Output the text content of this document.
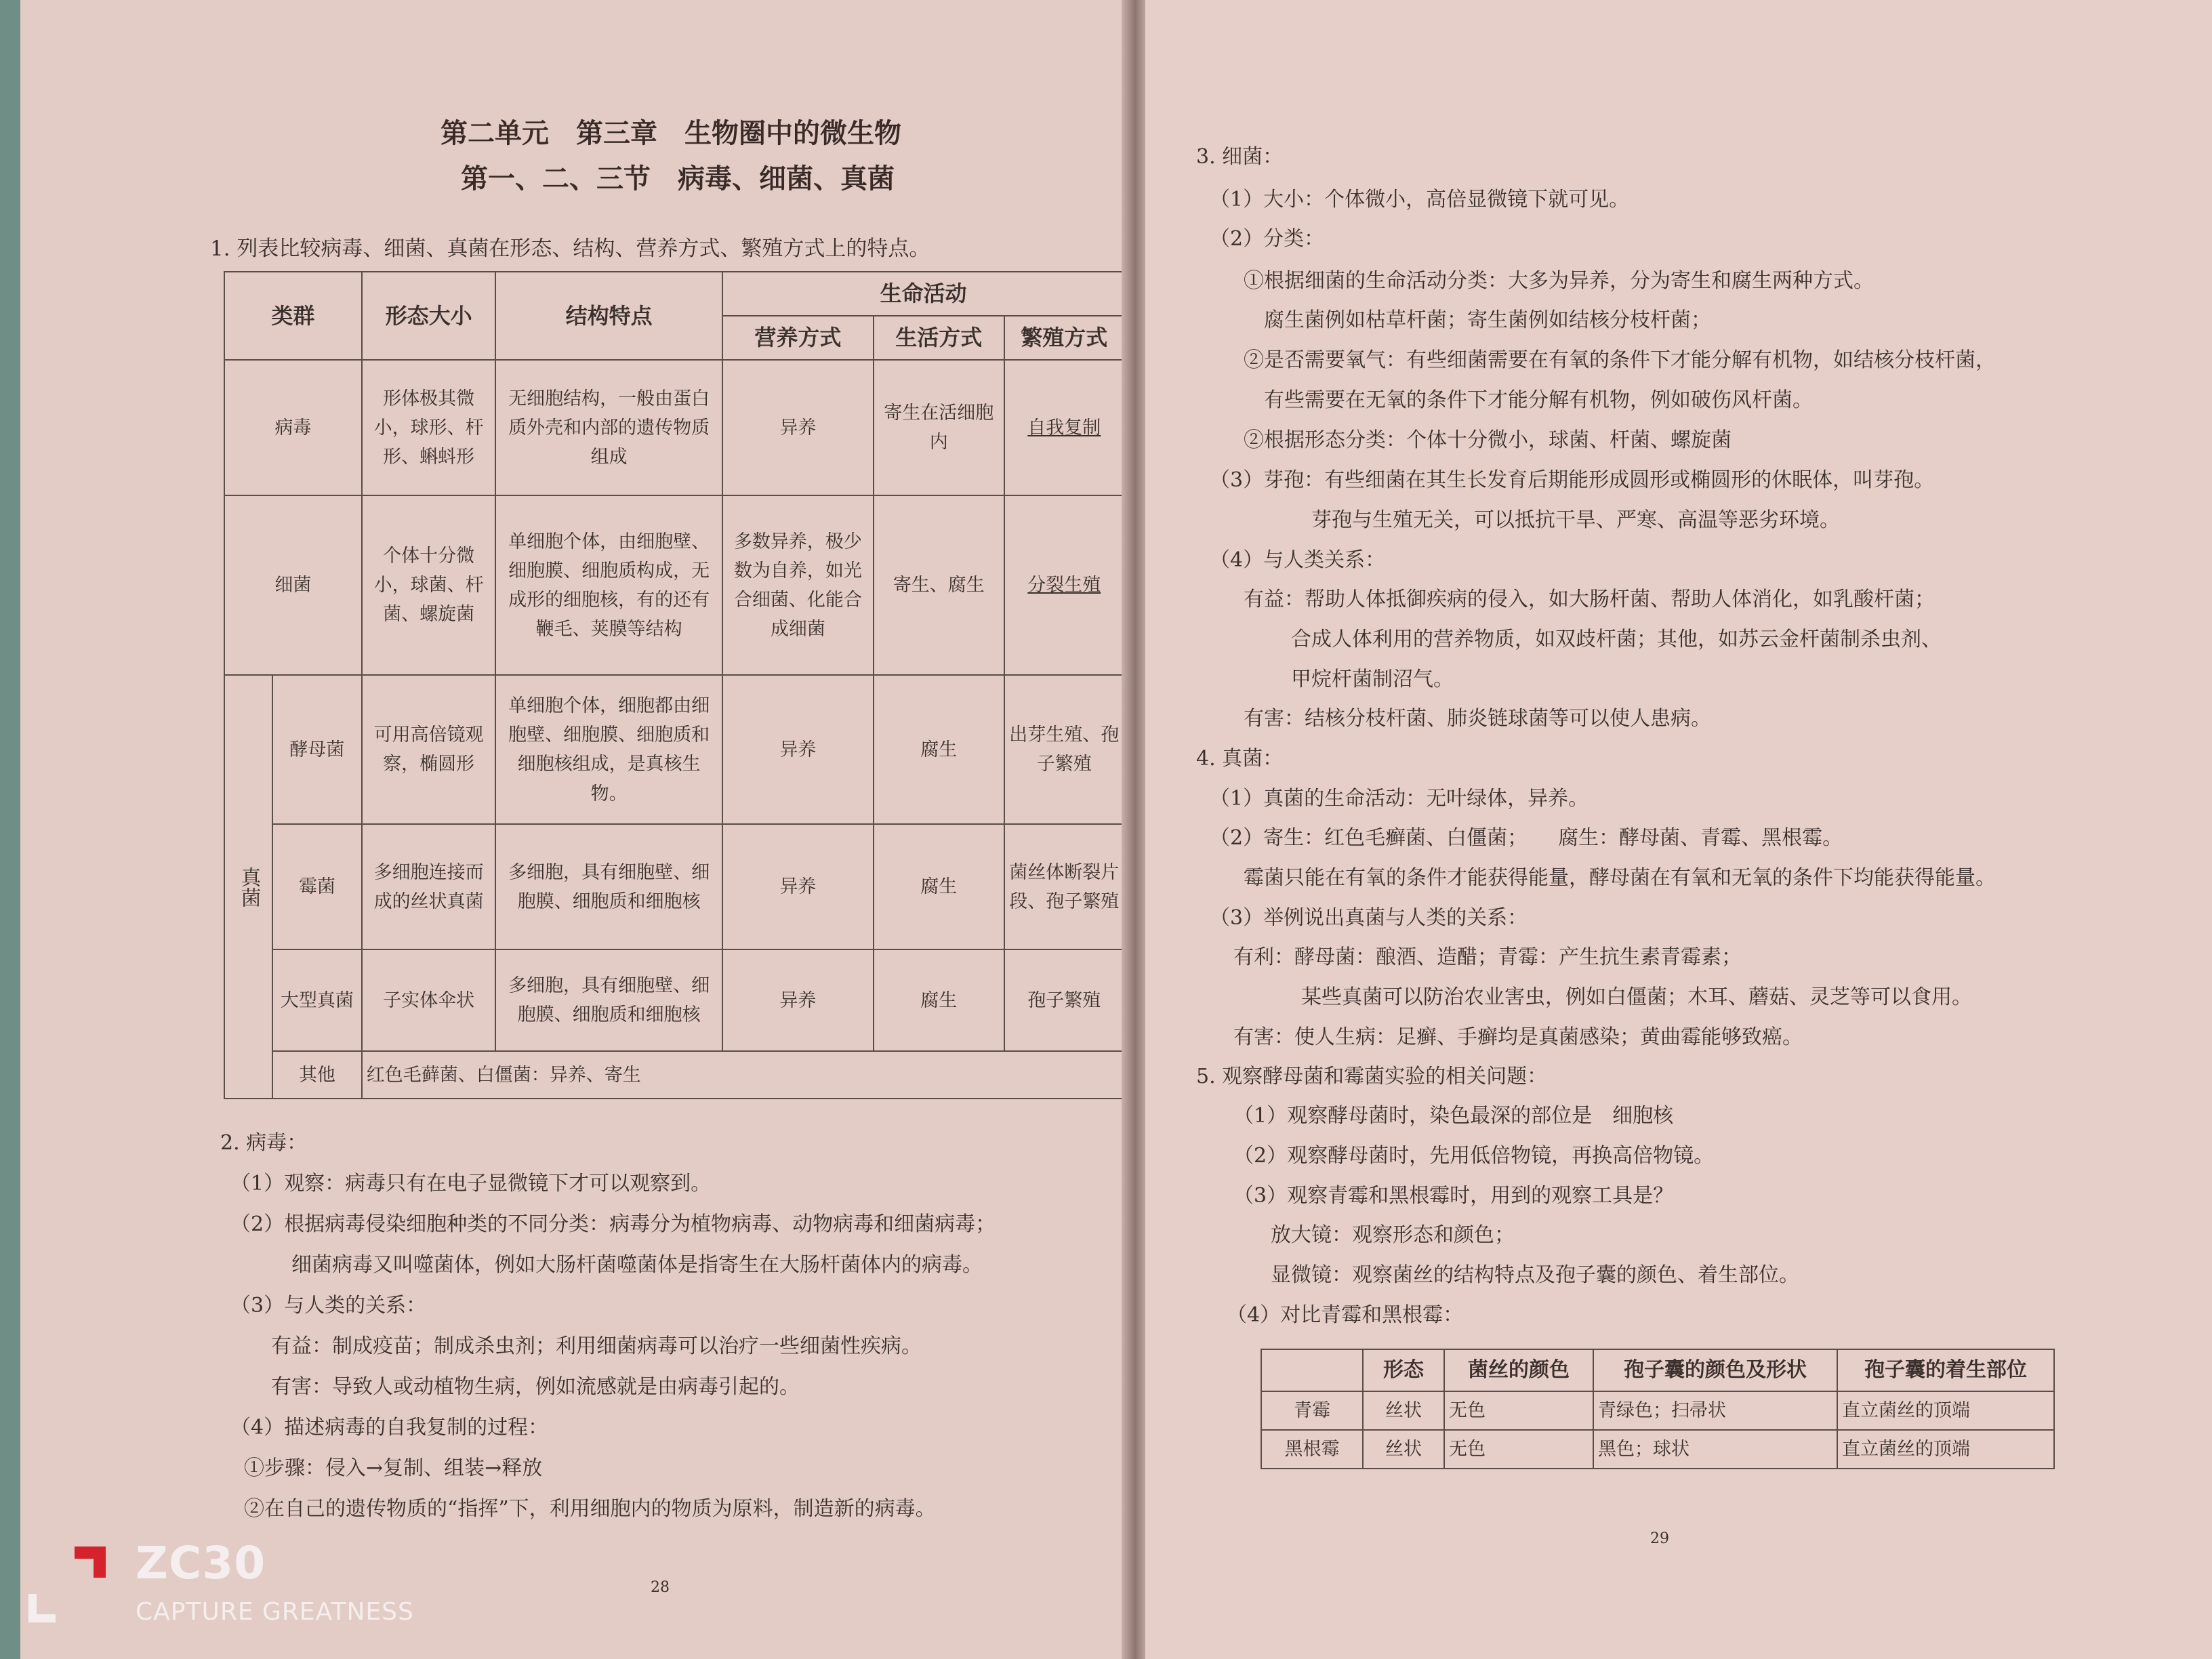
第二单元　第三章　生物圈中的微生物
第一、二、三节　病毒、细菌、真菌
1. 列表比较病毒、细菌、真菌在形态、结构、营养方式、繁殖方式上的特点。
类群		形态大小	结构特点	生命活动		
				营养方式	生活方式	繁殖方式
病毒		形体极其微小，球形、杆形、蝌蚪形	无细胞结构，一般由蛋白质外壳和内部的遗传物质组成	异养	寄生在活细胞内	自我复制
细菌		个体十分微小，球菌、杆菌、螺旋菌	单细胞个体，由细胞壁、细胞膜、细胞质构成，无成形的细胞核，有的还有鞭毛、荚膜等结构	多数异养，极少数为自养，如光合细菌、化能合成细菌	寄生、腐生	分裂生殖
真菌	酵母菌	可用高倍镜观察，椭圆形	单细胞个体，细胞都由细胞壁、细胞膜、细胞质和细胞核组成，是真核生物。	异养	腐生	出芽生殖、孢子繁殖
	霉菌	多细胞连接而成的丝状真菌	多细胞，具有细胞壁、细胞膜、细胞质和细胞核	异养	腐生	菌丝体断裂片段、孢子繁殖
	大型真菌	子实体伞状	多细胞，具有细胞壁、细胞膜、细胞质和细胞核	异养	腐生	孢子繁殖
	其他	红色毛藓菌、白僵菌：异养、寄生				
2. 病毒：
（1）观察：病毒只有在电子显微镜下才可以观察到。
（2）根据病毒侵染细胞种类的不同分类：病毒分为植物病毒、动物病毒和细菌病毒；
细菌病毒又叫噬菌体，例如大肠杆菌噬菌体是指寄生在大肠杆菌体内的病毒。
（3）与人类的关系：
有益：制成疫苗；制成杀虫剂；利用细菌病毒可以治疗一些细菌性疾病。
有害：导致人或动植物生病，例如流感就是由病毒引起的。
（4）描述病毒的自我复制的过程：
①步骤：侵入→复制、组装→释放
②在自己的遗传物质的“指挥”下，利用细胞内的物质为原料，制造新的病毒。
28
3. 细菌：
（1）大小：个体微小，高倍显微镜下就可见。
（2）分类：
①根据细菌的生命活动分类：大多为异养，分为寄生和腐生两种方式。
腐生菌例如枯草杆菌；寄生菌例如结核分枝杆菌；
②是否需要氧气：有些细菌需要在有氧的条件下才能分解有机物，如结核分枝杆菌，
有些需要在无氧的条件下才能分解有机物，例如破伤风杆菌。
②根据形态分类：个体十分微小，球菌、杆菌、螺旋菌
（3）芽孢：有些细菌在其生长发育后期能形成圆形或椭圆形的休眠体，叫芽孢。
芽孢与生殖无关，可以抵抗干旱、严寒、高温等恶劣环境。
（4）与人类关系：
有益：帮助人体抵御疾病的侵入，如大肠杆菌、帮助人体消化，如乳酸杆菌；
合成人体利用的营养物质，如双歧杆菌；其他，如苏云金杆菌制杀虫剂、
甲烷杆菌制沼气。
有害：结核分枝杆菌、肺炎链球菌等可以使人患病。
4. 真菌：
（1）真菌的生命活动：无叶绿体，异养。
（2）寄生：红色毛癣菌、白僵菌；　　腐生：酵母菌、青霉、黑根霉。
霉菌只能在有氧的条件才能获得能量，酵母菌在有氧和无氧的条件下均能获得能量。
（3）举例说出真菌与人类的关系：
有利：酵母菌：酿酒、造醋；青霉：产生抗生素青霉素；
某些真菌可以防治农业害虫，例如白僵菌；木耳、蘑菇、灵芝等可以食用。
有害：使人生病：足癣、手癣均是真菌感染；黄曲霉能够致癌。
5. 观察酵母菌和霉菌实验的相关问题：
（1）观察酵母菌时，染色最深的部位是　细胞核
（2）观察酵母菌时，先用低倍物镜，再换高倍物镜。
（3）观察青霉和黑根霉时，用到的观察工具是？
放大镜：观察形态和颜色；
显微镜：观察菌丝的结构特点及孢子囊的颜色、着生部位。
（4）对比青霉和黑根霉：
	形态	菌丝的颜色	孢子囊的颜色及形状	孢子囊的着生部位
青霉	丝状	无色	青绿色；扫帚状	直立菌丝的顶端
黑根霉	丝状	无色	黑色；球状	直立菌丝的顶端
29
ZC30
CAPTURE GREATNESS
